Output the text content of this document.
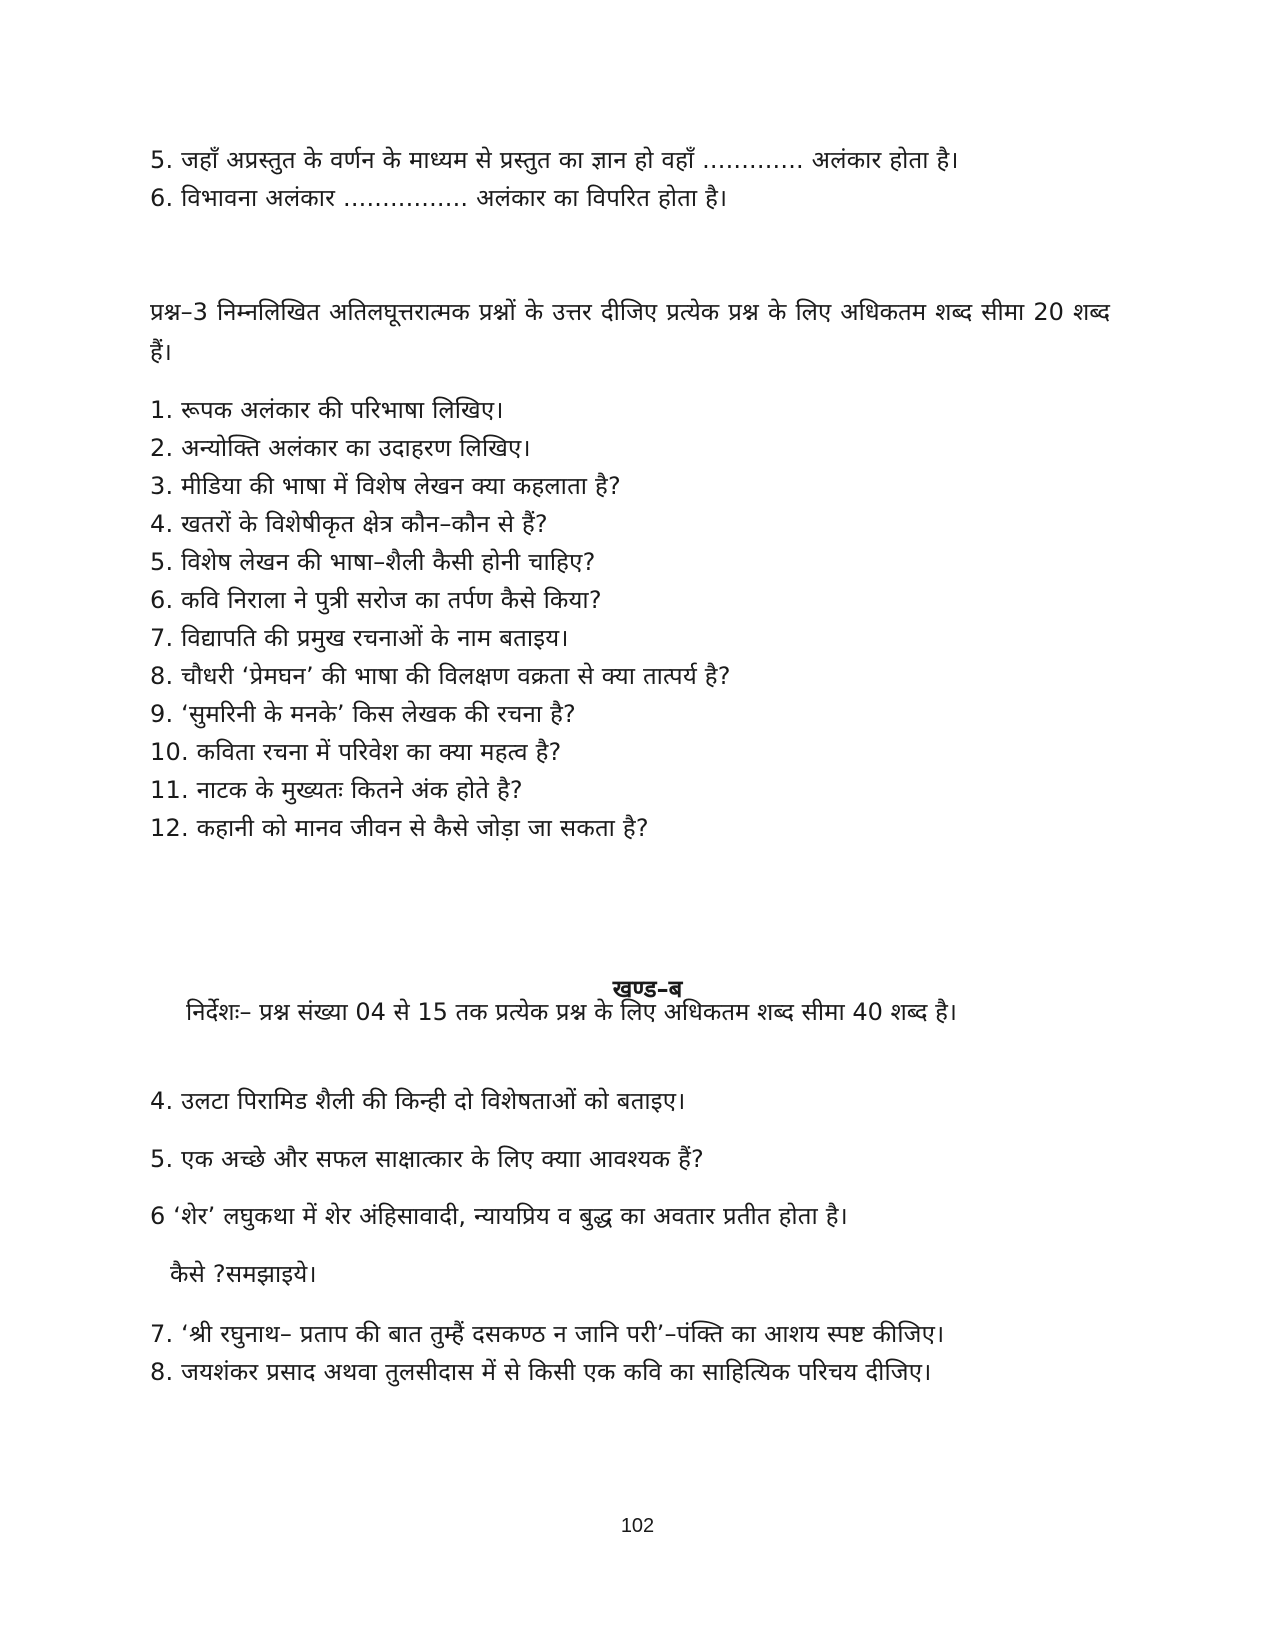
5. जहाँ अप्रस्तुत के वर्णन के माध्यम से प्रस्तुत का ज्ञान हो वहाँ ............. अलंकार होता है।
6. विभावना अलंकार ................ अलंकार का विपरित होता है।
प्रश्न–3 निम्नलिखित अतिलघूत्तरात्मक प्रश्नों के उत्तर दीजिए प्रत्येक प्रश्न के लिए अधिकतम शब्द सीमा 20 शब्द हैं।
1. रूपक अलंकार की परिभाषा लिखिए।
2. अन्योक्ति अलंकार का उदाहरण लिखिए।
3. मीडिया की भाषा में विशेष लेखन क्या कहलाता है?
4. खतरों के विशेषीकृत क्षेत्र कौन–कौन से हैं?
5. विशेष लेखन की भाषा–शैली कैसी होनी चाहिए?
6. कवि निराला ने पुत्री सरोज का तर्पण कैसे किया?
7. विद्यापति की प्रमुख रचनाओं के नाम बताइय।
8. चौधरी ‘प्रेमघन’ की भाषा की विलक्षण वक्रता से क्या तात्पर्य है?
9. ‘सुमरिनी के मनके’ किस लेखक की रचना है?
10. कविता रचना में परिवेश का क्या महत्व है?
11. नाटक के मुख्यतः कितने अंक होते है?
12. कहानी को मानव जीवन से कैसे जोड़ा जा सकता है?
खण्ड–ब
निर्देशः– प्रश्न संख्या 04 से 15 तक प्रत्येक प्रश्न के लिए अधिकतम शब्द सीमा 40 शब्द है।
4. उलटा पिरामिड शैली की किन्ही दो विशेषताओं को बताइए।
5. एक अच्छे और सफल साक्षात्कार के लिए क्याा आवश्यक हैं?
6 ‘शेर’ लघुकथा में शेर अंहिसावादी, न्यायप्रिय व बुद्ध का अवतार प्रतीत होता है।
कैसे ?समझाइये।
7. ‘श्री रघुनाथ– प्रताप की बात तुम्हैं दसकण्ठ न जानि परी’–पंक्ति का आशय स्पष्ट कीजिए।
8. जयशंकर प्रसाद अथवा तुलसीदास में से किसी एक कवि का साहित्यिक परिचय दीजिए।
102
